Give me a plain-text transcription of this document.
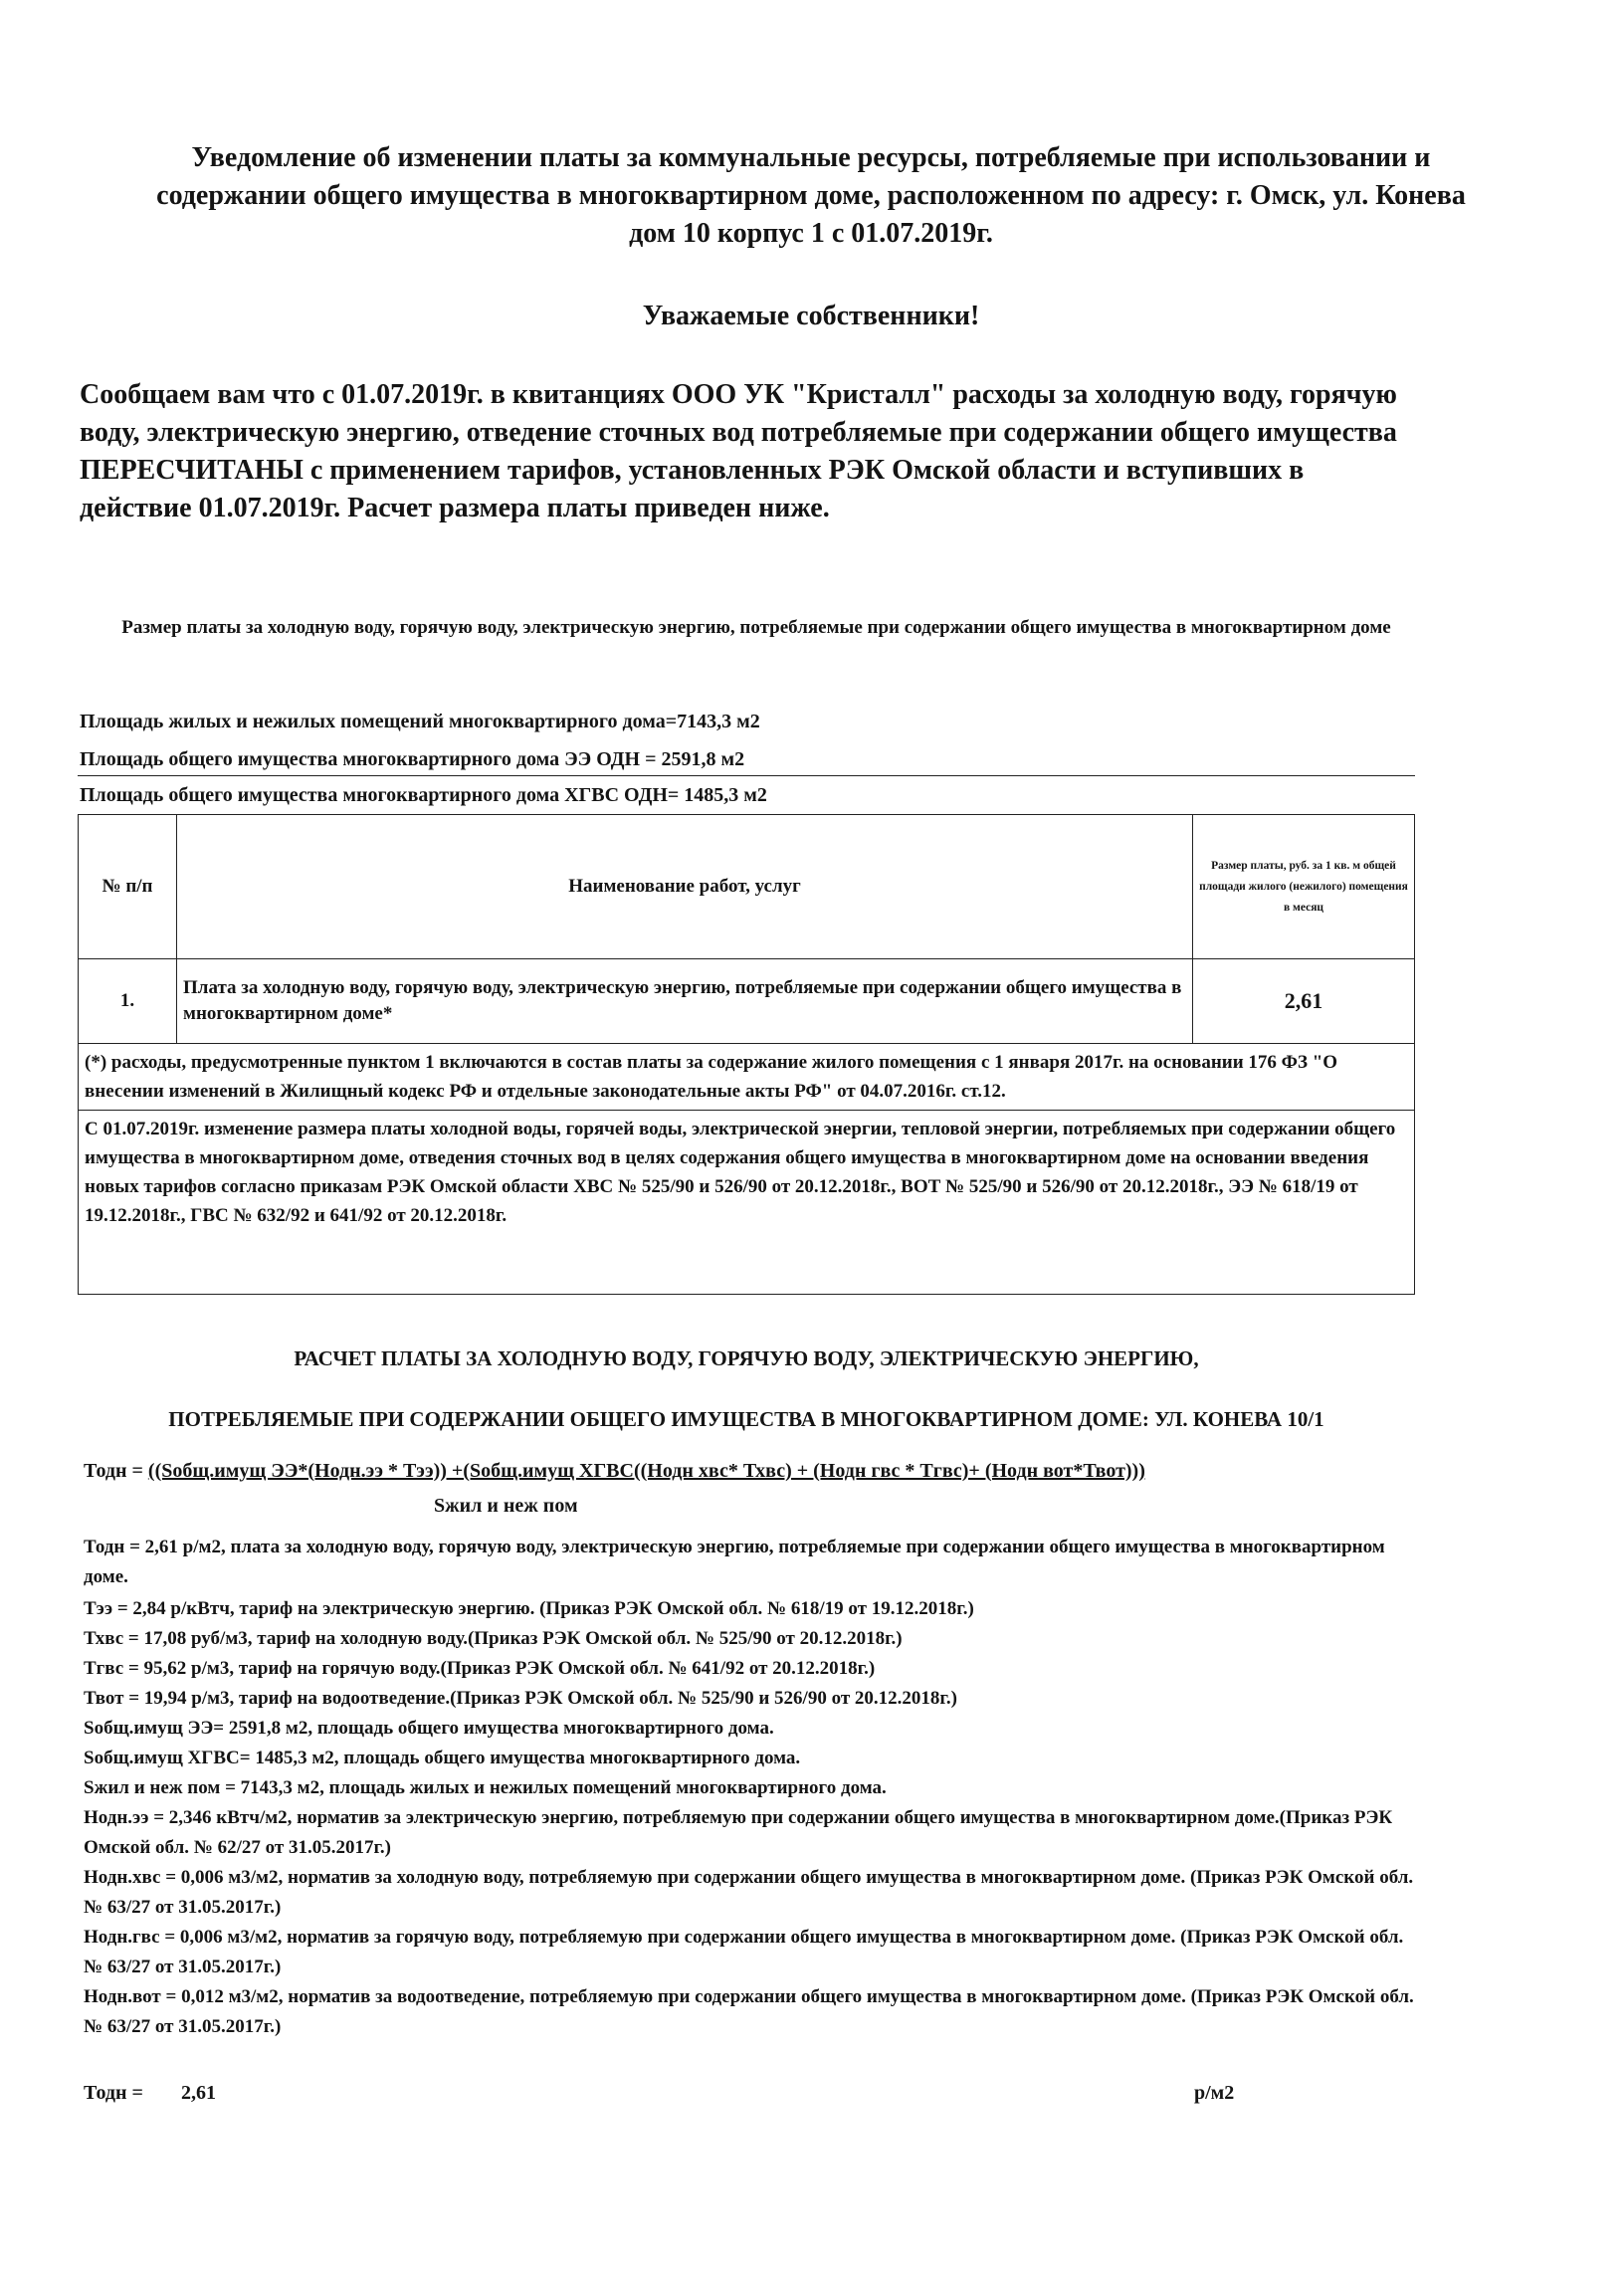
Уведомление об изменении платы за коммунальные ресурсы, потребляемые при использовании и содержании общего имущества в многоквартирном доме, расположенном по адресу: г. Омск, ул. Конева дом 10 корпус 1 с 01.07.2019г.
Уважаемые собственники!
Сообщаем вам что с 01.07.2019г. в квитанциях ООО УК "Кристалл" расходы за холодную воду, горячую воду, электрическую энергию, отведение сточных вод потребляемые при содержании общего имущества ПЕРЕСЧИТАНЫ с применением тарифов, установленных РЭК Омской области и вступивших в действие 01.07.2019г. Расчет размера платы приведен ниже.
Размер платы за холодную воду, горячую воду, электрическую энергию, потребляемые при содержании общего имущества в многоквартирном доме
Площадь жилых и нежилых помещений многоквартирного дома=7143,3 м2
Площадь общего имущества многоквартирного дома ЭЭ ОДН = 2591,8 м2
Площадь общего имущества многоквартирного дома ХГВС ОДН= 1485,3 м2
№ п/п	Наименование работ, услуг	Размер платы, руб. за 1 кв. м общей площади жилого (нежилого) помещения в месяц
1.	Плата за холодную воду, горячую воду, электрическую энергию, потребляемые при содержании общего имущества в многоквартирном доме*	2,61
(*) расходы, предусмотренные пунктом 1 включаются в состав платы за содержание жилого помещения с 1 января 2017г. на основании 176 ФЗ "О внесении изменений в Жилищный кодекс РФ и отдельные законодательные акты РФ" от 04.07.2016г. ст.12.		
С 01.07.2019г. изменение размера платы холодной воды, горячей воды, электрической энергии, тепловой энергии, потребляемых при содержании общего имущества в многоквартирном доме, отведения сточных вод в целях содержания общего имущества в многоквартирном доме на основании введения новых тарифов согласно приказам РЭК Омской области ХВС № 525/90 и 526/90 от 20.12.2018г., ВОТ № 525/90 и 526/90 от 20.12.2018г., ЭЭ № 618/19 от 19.12.2018г., ГВС № 632/92 и 641/92 от 20.12.2018г.		
РАСЧЕТ ПЛАТЫ ЗА ХОЛОДНУЮ ВОДУ, ГОРЯЧУЮ ВОДУ, ЭЛЕКТРИЧЕСКУЮ ЭНЕРГИЮ,
ПОТРЕБЛЯЕМЫЕ ПРИ СОДЕРЖАНИИ ОБЩЕГО ИМУЩЕСТВА В МНОГОКВАРТИРНОМ ДОМЕ: УЛ. КОНЕВА 10/1
Тодн = ((Sобщ.имущ ЭЭ*(Нодн.ээ * Тээ)) +(Sобщ.имущ ХГВС((Нодн хвс* Тхвс) + (Нодн гвс * Тгвс)+ (Нодн вот*Твот)))
Sжил и неж пом

Тодн = 2,61 р/м2, плата за холодную воду, горячую воду, электрическую энергию, потребляемые при содержании общего имущества в многоквартирном доме.

Тээ = 2,84 р/кВтч, тариф на электрическую энергию. (Приказ РЭК Омской обл. № 618/19 от 19.12.2018г.)

Тхвс = 17,08 руб/м3, тариф на холодную воду.(Приказ РЭК Омской обл. № 525/90 от 20.12.2018г.)

Тгвс = 95,62 р/м3, тариф на горячую воду.(Приказ РЭК Омской обл. № 641/92 от 20.12.2018г.)

Твот = 19,94 р/м3, тариф на водоотведение.(Приказ РЭК Омской обл. № 525/90 и 526/90 от 20.12.2018г.)

Sобщ.имущ ЭЭ= 2591,8 м2, площадь общего имущества многоквартирного дома.

Sобщ.имущ ХГВС= 1485,3 м2, площадь общего имущества многоквартирного дома.

Sжил и неж пом = 7143,3 м2, площадь жилых и нежилых помещений многоквартирного дома.

Нодн.ээ = 2,346 кВтч/м2, норматив за электрическую энергию, потребляемую при содержании общего имущества в многоквартирном доме.(Приказ РЭК Омской обл. № 62/27 от 31.05.2017г.)

Нодн.хвс = 0,006 м3/м2, норматив за холодную воду, потребляемую при содержании общего имущества в многоквартирном доме. (Приказ РЭК Омской обл. № 63/27 от 31.05.2017г.)

Нодн.гвс = 0,006 м3/м2, норматив за горячую воду, потребляемую при содержании общего имущества в многоквартирном доме. (Приказ РЭК Омской обл. № 63/27 от 31.05.2017г.)

Нодн.вот = 0,012 м3/м2, норматив за водоотведение, потребляемую при содержании общего имущества в многоквартирном доме. (Приказ РЭК Омской обл. № 63/27 от 31.05.2017г.)

Тодн = 2,61	р/м2
